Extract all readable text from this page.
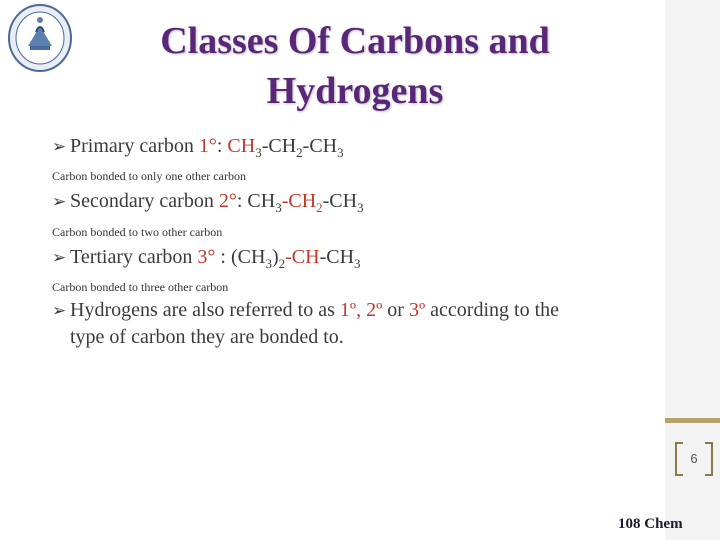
Classes Of Carbons and
Hydrogens
➢ Primary carbon 1°: $CH_3-CH_2-CH_3$
Carbon bonded to only one other carbon
➢ Secondary carbon 2°: $CH_3-CH_2-CH_3$
Carbon bonded to two other carbon
➢ Tertiary carbon 3° : $(CH_3)_2-CH-CH_3$
Carbon bonded to three other carbon
➢ Hydrogens are also referred to as 1º, 2º or 3º according to the
type of carbon they are bonded to.
6
108 Chem
